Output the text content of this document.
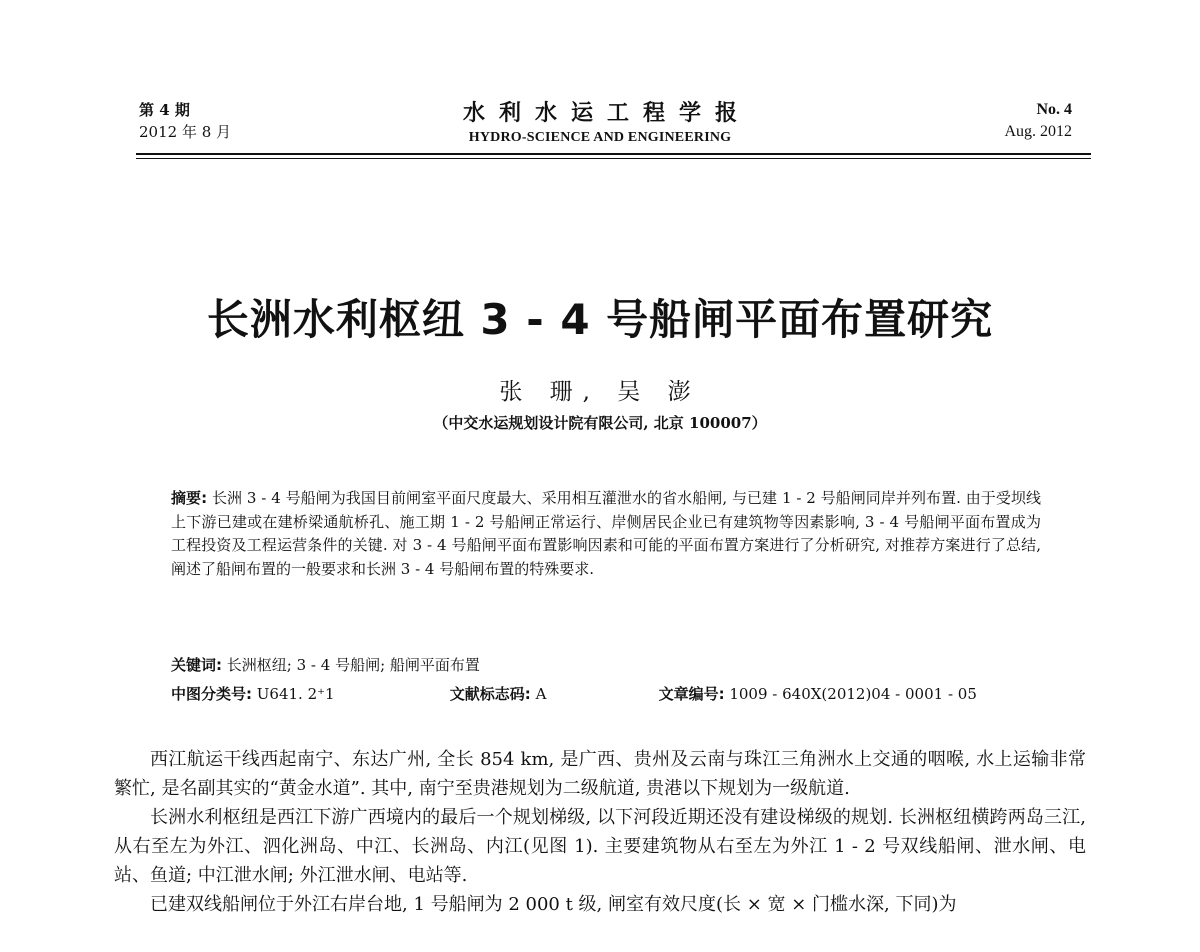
第 4 期
2012 年 8 月
水利水运工程学报
HYDRO-SCIENCE AND ENGINEERING
No. 4
Aug. 2012
长洲水利枢纽 3 - 4 号船闸平面布置研究
张 珊, 吴 澎
（中交水运规划设计院有限公司, 北京 100007）
摘要: 长洲 3 - 4 号船闸为我国目前闸室平面尺度最大、采用相互灌泄水的省水船闸, 与已建 1 - 2 号船闸同岸并列布置. 由于受坝线上下游已建或在建桥梁通航桥孔、施工期 1 - 2 号船闸正常运行、岸侧居民企业已有建筑物等因素影响, 3 - 4 号船闸平面布置成为工程投资及工程运营条件的关键. 对 3 - 4 号船闸平面布置影响因素和可能的平面布置方案进行了分析研究, 对推荐方案进行了总结, 阐述了船闸布置的一般要求和长洲 3 - 4 号船闸布置的特殊要求.
关键词: 长洲枢纽; 3 - 4 号船闸; 船闸平面布置
中图分类号: U641. 2⁺1	文献标志码: A	文章编号: 1009 - 640X(2012)04 - 0001 - 05

西江航运干线西起南宁、东达广州, 全长 854 km, 是广西、贵州及云南与珠江三角洲水上交通的咽喉, 水上运输非常繁忙, 是名副其实的“黄金水道”. 其中, 南宁至贵港规划为二级航道, 贵港以下规划为一级航道.

长洲水利枢纽是西江下游广西境内的最后一个规划梯级, 以下河段近期还没有建设梯级的规划. 长洲枢纽横跨两岛三江, 从右至左为外江、泗化洲岛、中江、长洲岛、内江(见图 1). 主要建筑物从右至左为外江 1 - 2 号双线船闸、泄水闸、电站、鱼道; 中江泄水闸; 外江泄水闸、电站等.

已建双线船闸位于外江右岸台地, 1 号船闸为 2 000 t 级, 闸室有效尺度(长 × 宽 × 门槛水深, 下同)为
